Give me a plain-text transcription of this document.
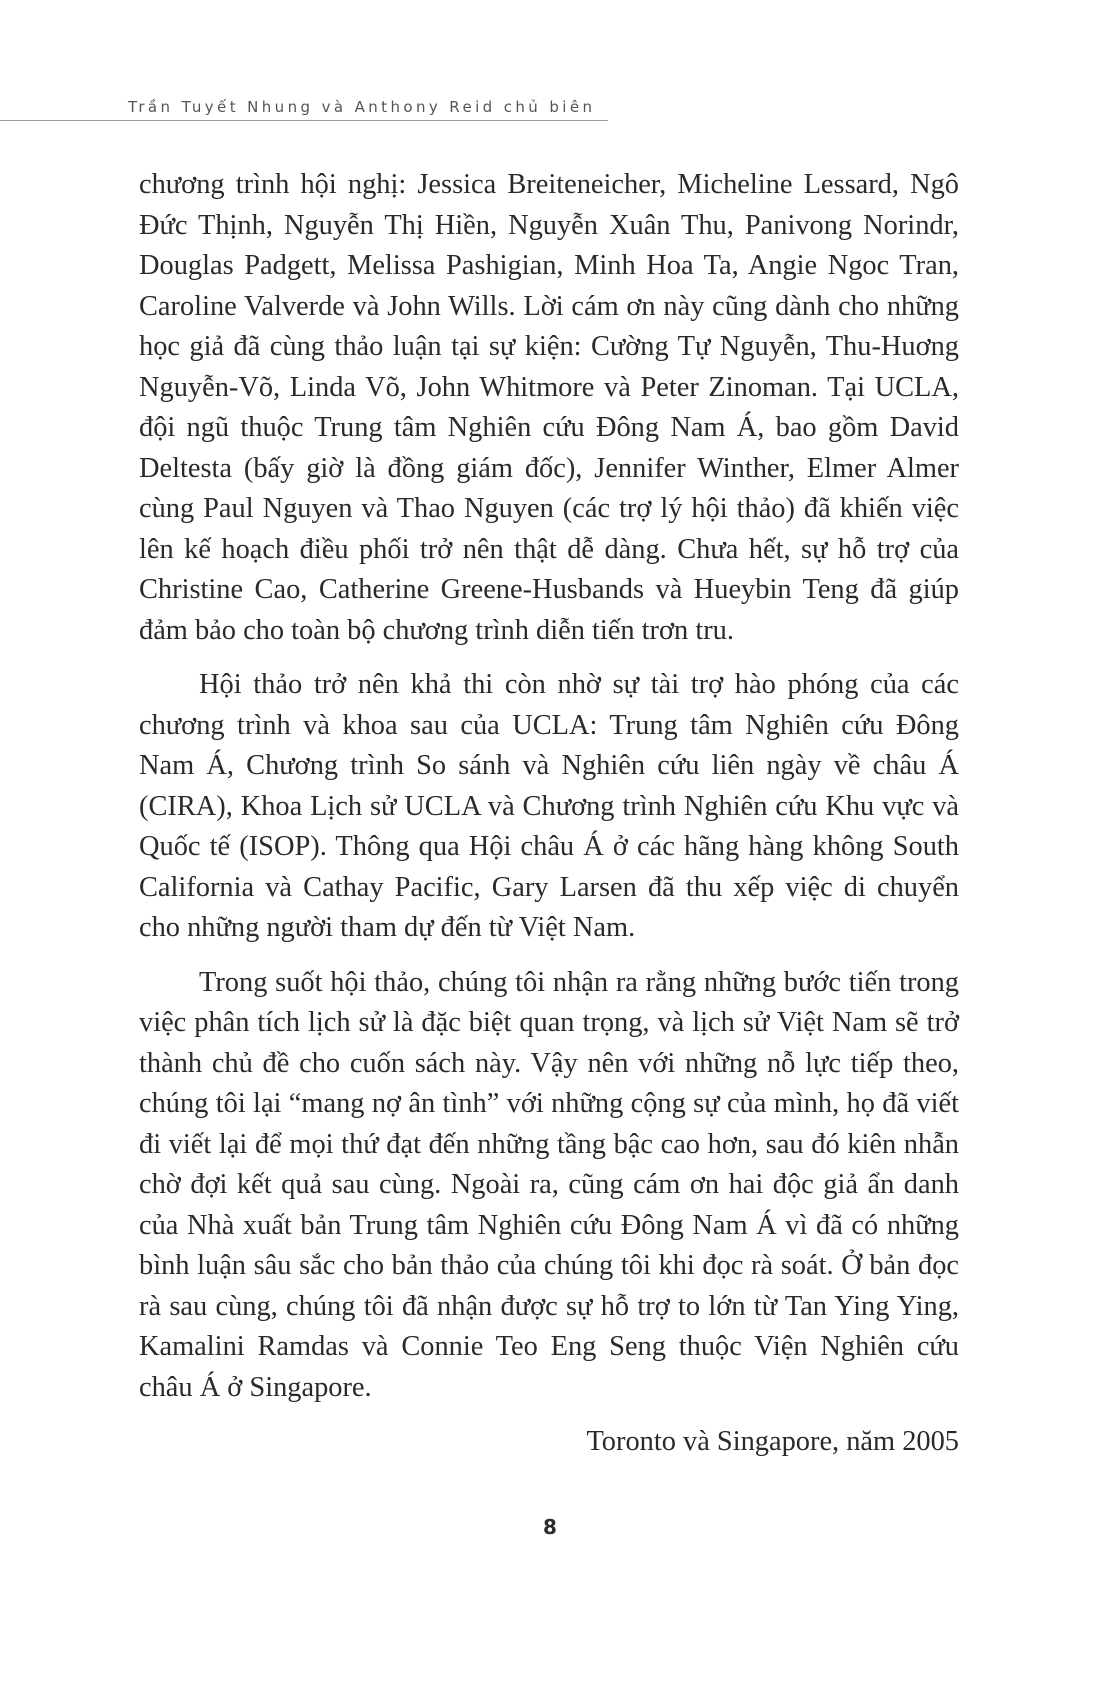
Trần Tuyết Nhung và Anthony Reid chủ biên

chương trình hội nghị: Jessica Breiteneicher, Micheline Lessard, Ngô Đức Thịnh, Nguyễn Thị Hiền, Nguyễn Xuân Thu, Panivong Norindr, Douglas Padgett, Melissa Pashigian, Minh Hoa Ta, Angie Ngoc Tran, Caroline Valverde và John Wills. Lời cám ơn này cũng dành cho những học giả đã cùng thảo luận tại sự kiện: Cường Tự Nguyễn, Thu-Huơng Nguyễn-Võ, Linda Võ, John Whitmore và Peter Zinoman. Tại UCLA, đội ngũ thuộc Trung tâm Nghiên cứu Đông Nam Á, bao gồm David Deltesta (bấy giờ là đồng giám đốc), Jennifer Winther, Elmer Almer cùng Paul Nguyen và Thao Nguyen (các trợ lý hội thảo) đã khiến việc lên kế hoạch điều phối trở nên thật dễ dàng. Chưa hết, sự hỗ trợ của Christine Cao, Catherine Greene-Husbands và Hueybin Teng đã giúp đảm bảo cho toàn bộ chương trình diễn tiến trơn tru.

Hội thảo trở nên khả thi còn nhờ sự tài trợ hào phóng của các chương trình và khoa sau của UCLA: Trung tâm Nghiên cứu Đông Nam Á, Chương trình So sánh và Nghiên cứu liên ngày về châu Á (CIRA), Khoa Lịch sử UCLA và Chương trình Nghiên cứu Khu vực và Quốc tế (ISOP). Thông qua Hội châu Á ở các hãng hàng không South California và Cathay Pacific, Gary Larsen đã thu xếp việc di chuyển cho những người tham dự đến từ Việt Nam.

Trong suốt hội thảo, chúng tôi nhận ra rằng những bước tiến trong việc phân tích lịch sử là đặc biệt quan trọng, và lịch sử Việt Nam sẽ trở thành chủ đề cho cuốn sách này. Vậy nên với những nỗ lực tiếp theo, chúng tôi lại “mang nợ ân tình” với những cộng sự của mình, họ đã viết đi viết lại để mọi thứ đạt đến những tầng bậc cao hơn, sau đó kiên nhẫn chờ đợi kết quả sau cùng. Ngoài ra, cũng cám ơn hai độc giả ẩn danh của Nhà xuất bản Trung tâm Nghiên cứu Đông Nam Á vì đã có những bình luận sâu sắc cho bản thảo của chúng tôi khi đọc rà soát. Ở bản đọc rà sau cùng, chúng tôi đã nhận được sự hỗ trợ to lớn từ Tan Ying Ying, Kamalini Ramdas và Connie Teo Eng Seng thuộc Viện Nghiên cứu châu Á ở Singapore.

Toronto và Singapore, năm 2005

8
